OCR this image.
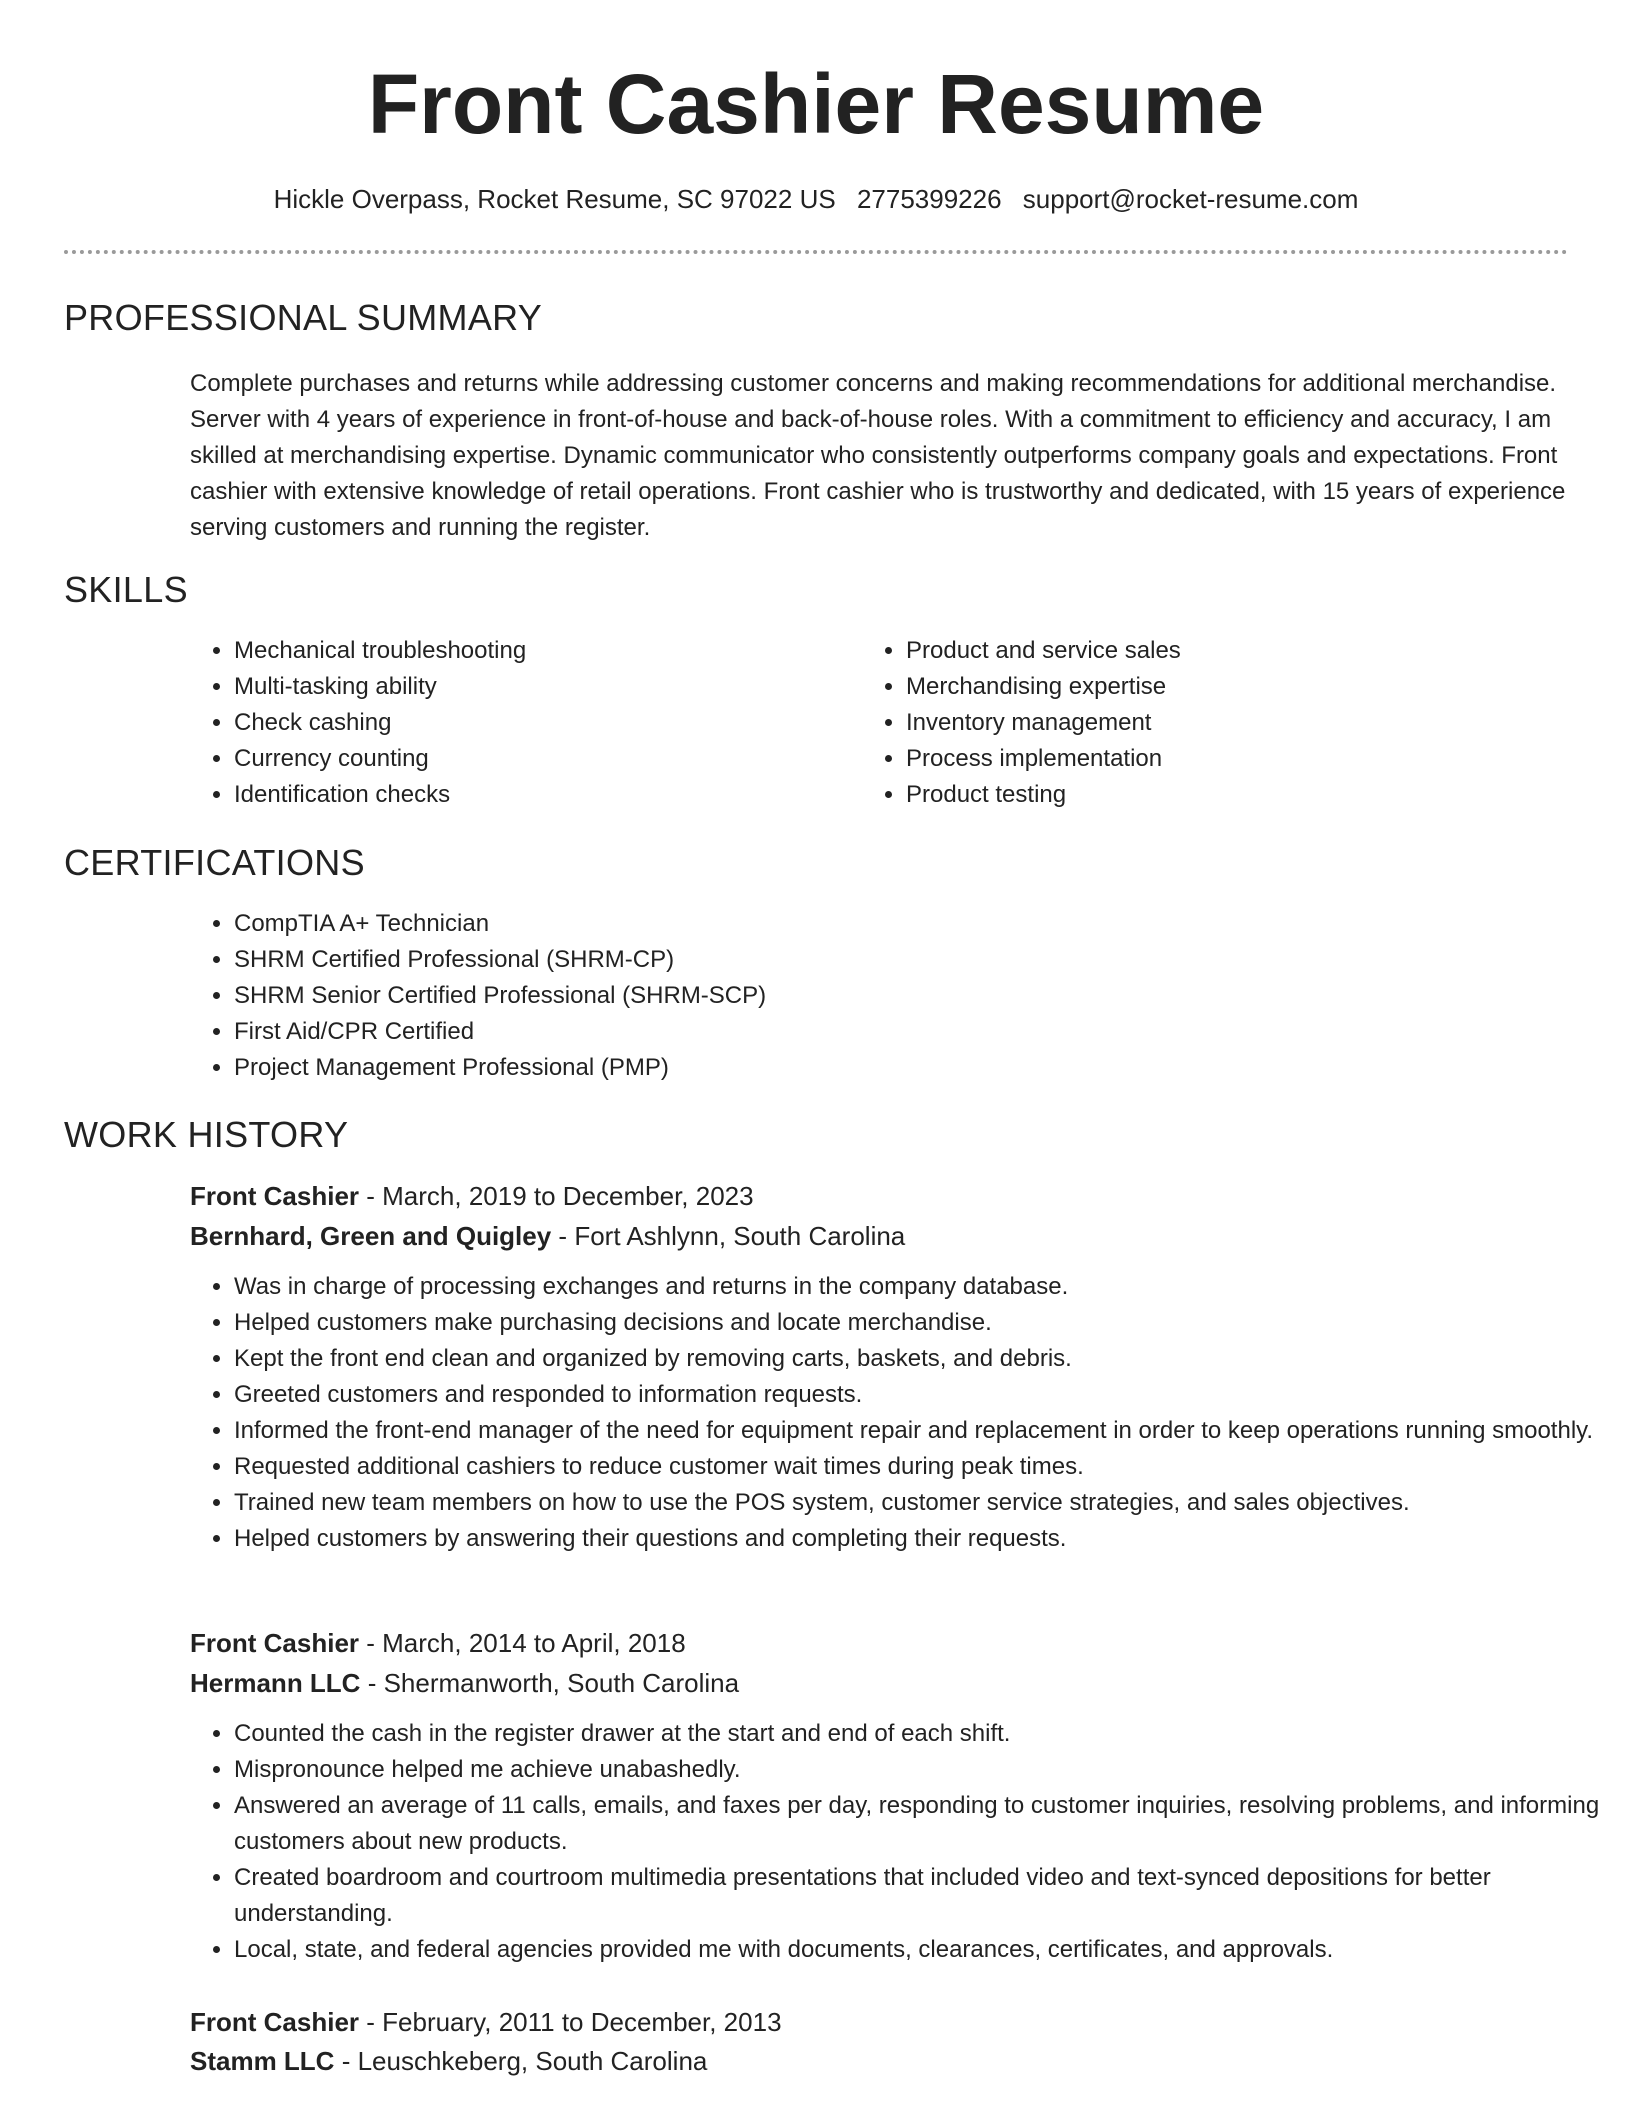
Front Cashier Resume
Hickle Overpass, Rocket Resume, SC 97022 US 2775399226 support@rocket-resume.com
PROFESSIONAL SUMMARY

Complete purchases and returns while addressing customer concerns and making recommendations for additional merchandise. Server with 4 years of experience in front-of-house and back-of-house roles. With a commitment to efficiency and accuracy, I am skilled at merchandising expertise. Dynamic communicator who consistently outperforms company goals and expectations. Front cashier with extensive knowledge of retail operations. Front cashier who is trustworthy and dedicated, with 15 years of experience serving customers and running the register.

SKILLS
• Mechanical troubleshooting
• Multi-tasking ability
• Check cashing
• Currency counting
• Identification checks
• Product and service sales
• Merchandising expertise
• Inventory management
• Process implementation
• Product testing
CERTIFICATIONS
• CompTIA A+ Technician
• SHRM Certified Professional (SHRM-CP)
• SHRM Senior Certified Professional (SHRM-SCP)
• First Aid/CPR Certified
• Project Management Professional (PMP)
WORK HISTORY
Front Cashier - March, 2019 to December, 2023
Bernhard, Green and Quigley - Fort Ashlynn, South Carolina
• Was in charge of processing exchanges and returns in the company database.
• Helped customers make purchasing decisions and locate merchandise.
• Kept the front end clean and organized by removing carts, baskets, and debris.
• Greeted customers and responded to information requests.
• Informed the front-end manager of the need for equipment repair and replacement in order to keep operations running smoothly.
• Requested additional cashiers to reduce customer wait times during peak times.
• Trained new team members on how to use the POS system, customer service strategies, and sales objectives.
• Helped customers by answering their questions and completing their requests.
Front Cashier - March, 2014 to April, 2018
Hermann LLC - Shermanworth, South Carolina
• Counted the cash in the register drawer at the start and end of each shift.
• Mispronounce helped me achieve unabashedly.
• Answered an average of 11 calls, emails, and faxes per day, responding to customer inquiries, resolving problems, and informing customers about new products.
• Created boardroom and courtroom multimedia presentations that included video and text-synced depositions for better understanding.
• Local, state, and federal agencies provided me with documents, clearances, certificates, and approvals.
Front Cashier - February, 2011 to December, 2013
Stamm LLC - Leuschkeberg, South Carolina
